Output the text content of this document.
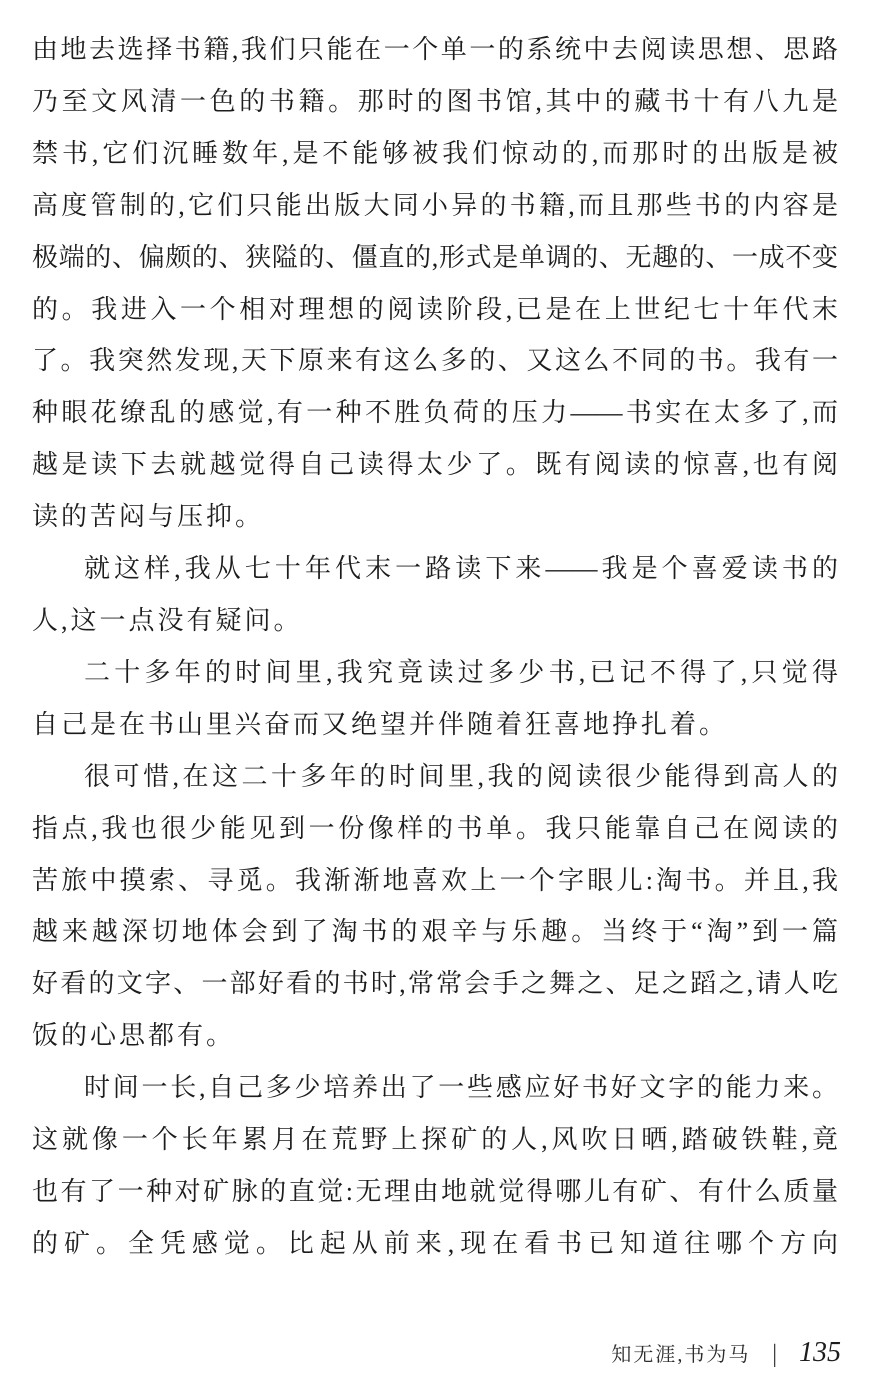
由地去选择书籍,我们只能在一个单一的系统中去阅读思想、思路
乃至文风清一色的书籍。那时的图书馆,其中的藏书十有八九是
禁书,它们沉睡数年,是不能够被我们惊动的,而那时的出版是被
高度管制的,它们只能出版大同小异的书籍,而且那些书的内容是
极端的、偏颇的、狭隘的、僵直的,形式是单调的、无趣的、一成不变
的。我进入一个相对理想的阅读阶段,已是在上世纪七十年代末
了。我突然发现,天下原来有这么多的、又这么不同的书。我有一
种眼花缭乱的感觉,有一种不胜负荷的压力——书实在太多了,而
越是读下去就越觉得自己读得太少了。既有阅读的惊喜,也有阅
读的苦闷与压抑。
就这样,我从七十年代末一路读下来——我是个喜爱读书的
人,这一点没有疑问。
二十多年的时间里,我究竟读过多少书,已记不得了,只觉得
自己是在书山里兴奋而又绝望并伴随着狂喜地挣扎着。
很可惜,在这二十多年的时间里,我的阅读很少能得到高人的
指点,我也很少能见到一份像样的书单。我只能靠自己在阅读的
苦旅中摸索、寻觅。我渐渐地喜欢上一个字眼儿:淘书。并且,我
越来越深切地体会到了淘书的艰辛与乐趣。当终于“淘”到一篇
好看的文字、一部好看的书时,常常会手之舞之、足之蹈之,请人吃
饭的心思都有。
时间一长,自己多少培养出了一些感应好书好文字的能力来。
这就像一个长年累月在荒野上探矿的人,风吹日晒,踏破铁鞋,竟
也有了一种对矿脉的直觉:无理由地就觉得哪儿有矿、有什么质量
的矿。全凭感觉。比起从前来,现在看书已知道往哪个方向
知无涯,书为马 | 135
